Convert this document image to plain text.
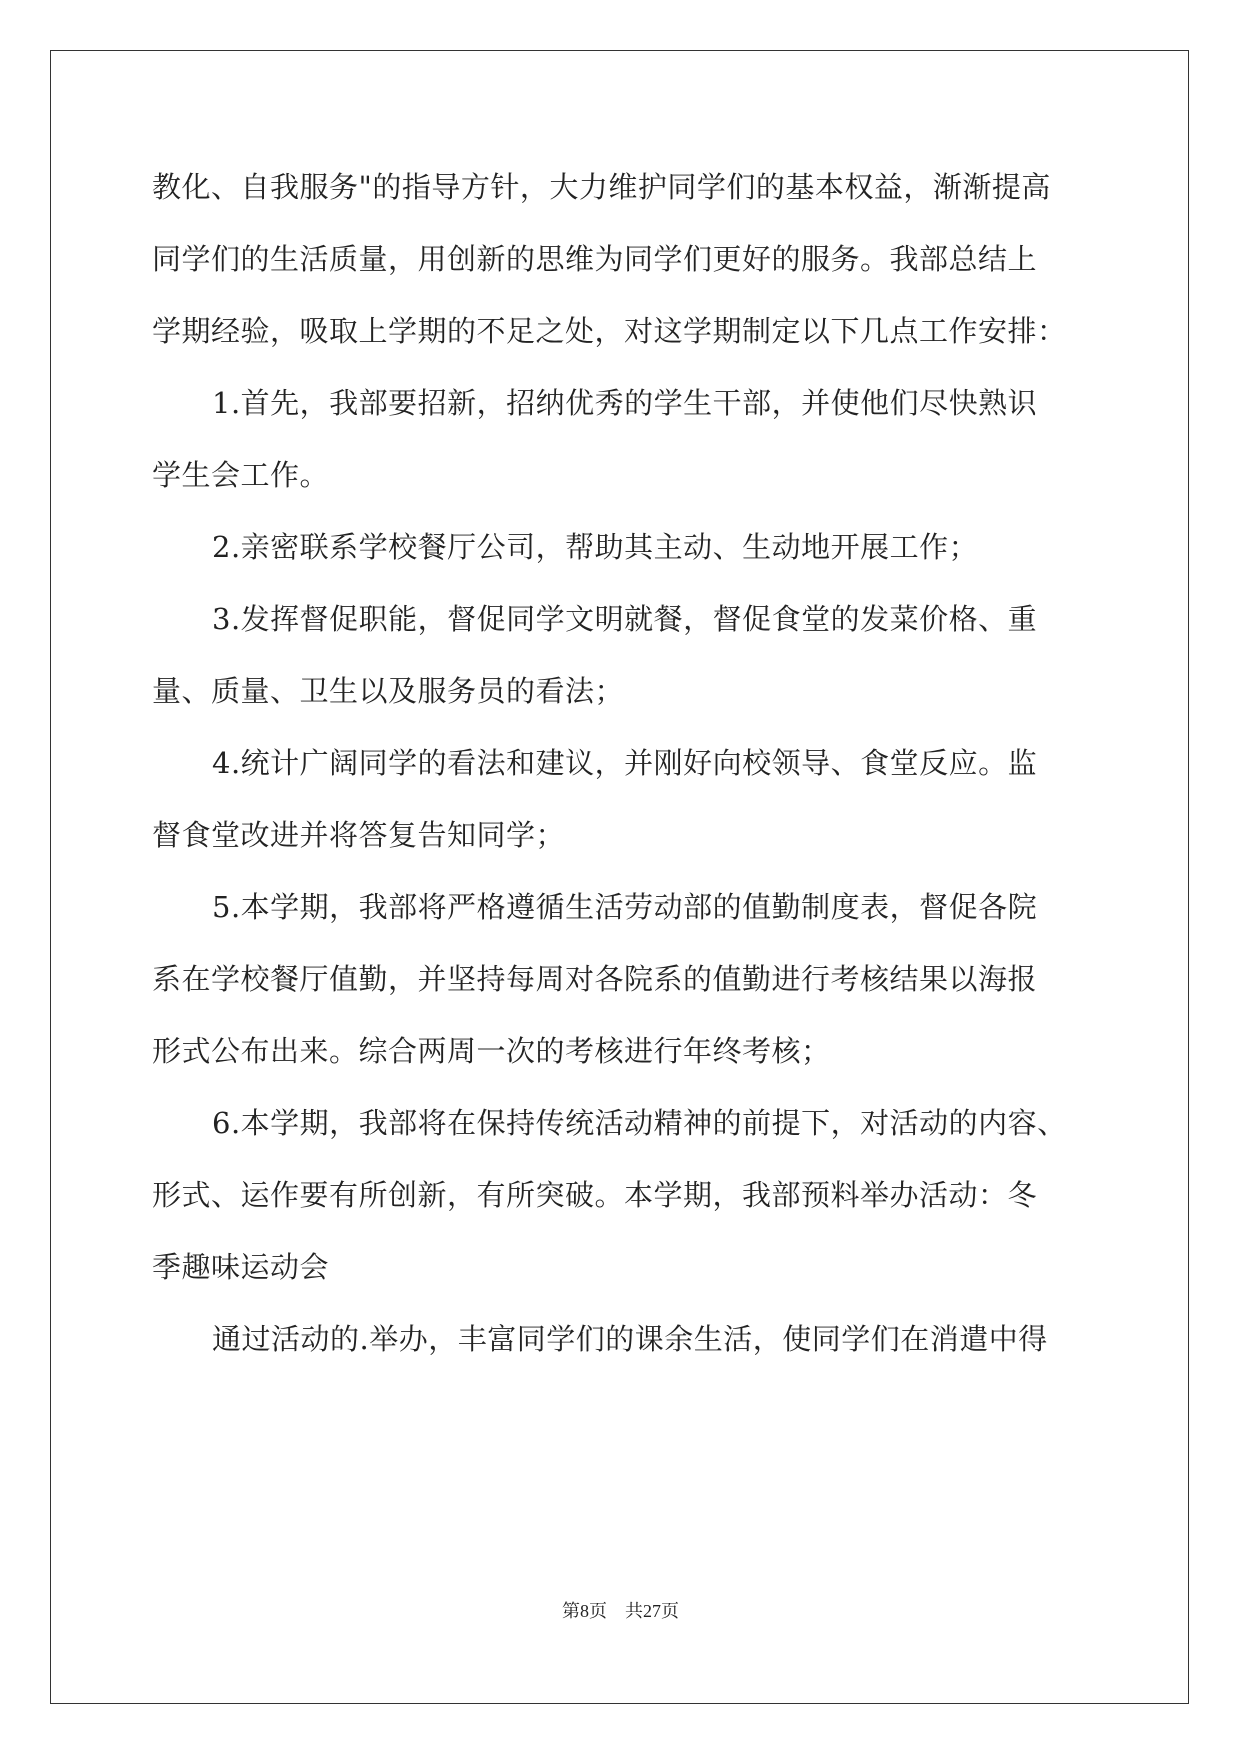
教化、自我服务"的指导方针，大力维护同学们的基本权益，渐渐提高
同学们的生活质量，用创新的思维为同学们更好的服务。我部总结上
学期经验，吸取上学期的不足之处，对这学期制定以下几点工作安排：
1.首先，我部要招新，招纳优秀的学生干部，并使他们尽快熟识
学生会工作。
2.亲密联系学校餐厅公司，帮助其主动、生动地开展工作；
3.发挥督促职能，督促同学文明就餐，督促食堂的发菜价格、重
量、质量、卫生以及服务员的看法；
4.统计广阔同学的看法和建议，并刚好向校领导、食堂反应。监
督食堂改进并将答复告知同学；
5.本学期，我部将严格遵循生活劳动部的值勤制度表，督促各院
系在学校餐厅值勤，并坚持每周对各院系的值勤进行考核结果以海报
形式公布出来。综合两周一次的考核进行年终考核；
6.本学期，我部将在保持传统活动精神的前提下，对活动的内容、
形式、运作要有所创新，有所突破。本学期，我部预料举办活动：冬
季趣味运动会
通过活动的.举办，丰富同学们的课余生活，使同学们在消遣中得
第8页 共27页
